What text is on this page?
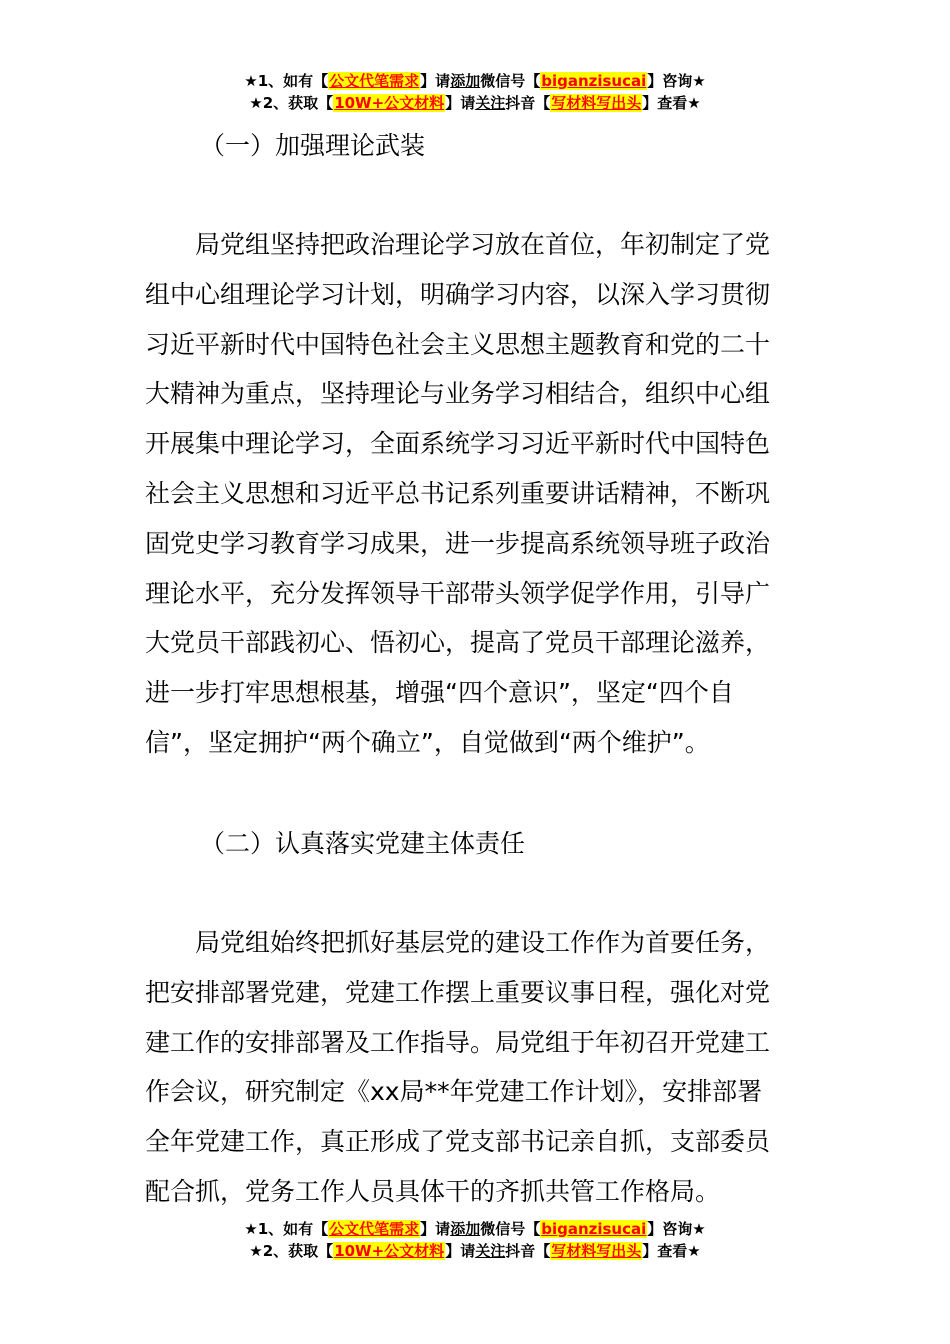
★1、如有【公文代笔需求】请添加微信号【biganzisucai】咨询★
★2、获取【10W+公文材料】请关注抖音【写材料写出头】查看★
（一）加强理论武装
　　局党组坚持把政治理论学习放在首位，年初制定了党
组中心组理论学习计划，明确学习内容，以深入学习贯彻
习近平新时代中国特色社会主义思想主题教育和党的二十
大精神为重点，坚持理论与业务学习相结合，组织中心组
开展集中理论学习，全面系统学习习近平新时代中国特色
社会主义思想和习近平总书记系列重要讲话精神，不断巩
固党史学习教育学习成果，进一步提高系统领导班子政治
理论水平，充分发挥领导干部带头领学促学作用，引导广
大党员干部践初心、悟初心，提高了党员干部理论滋养，
进一步打牢思想根基，增强“四个意识”，坚定“四个自
信”，坚定拥护“两个确立”，自觉做到“两个维护”。
（二）认真落实党建主体责任
　　局党组始终把抓好基层党的建设工作作为首要任务，
把安排部署党建，党建工作摆上重要议事日程，强化对党
建工作的安排部署及工作指导。局党组于年初召开党建工
作会议，研究制定《xx局**年党建工作计划》，安排部署
全年党建工作，真正形成了党支部书记亲自抓，支部委员
配合抓，党务工作人员具体干的齐抓共管工作格局。
★1、如有【公文代笔需求】请添加微信号【biganzisucai】咨询★
★2、获取【10W+公文材料】请关注抖音【写材料写出头】查看★
